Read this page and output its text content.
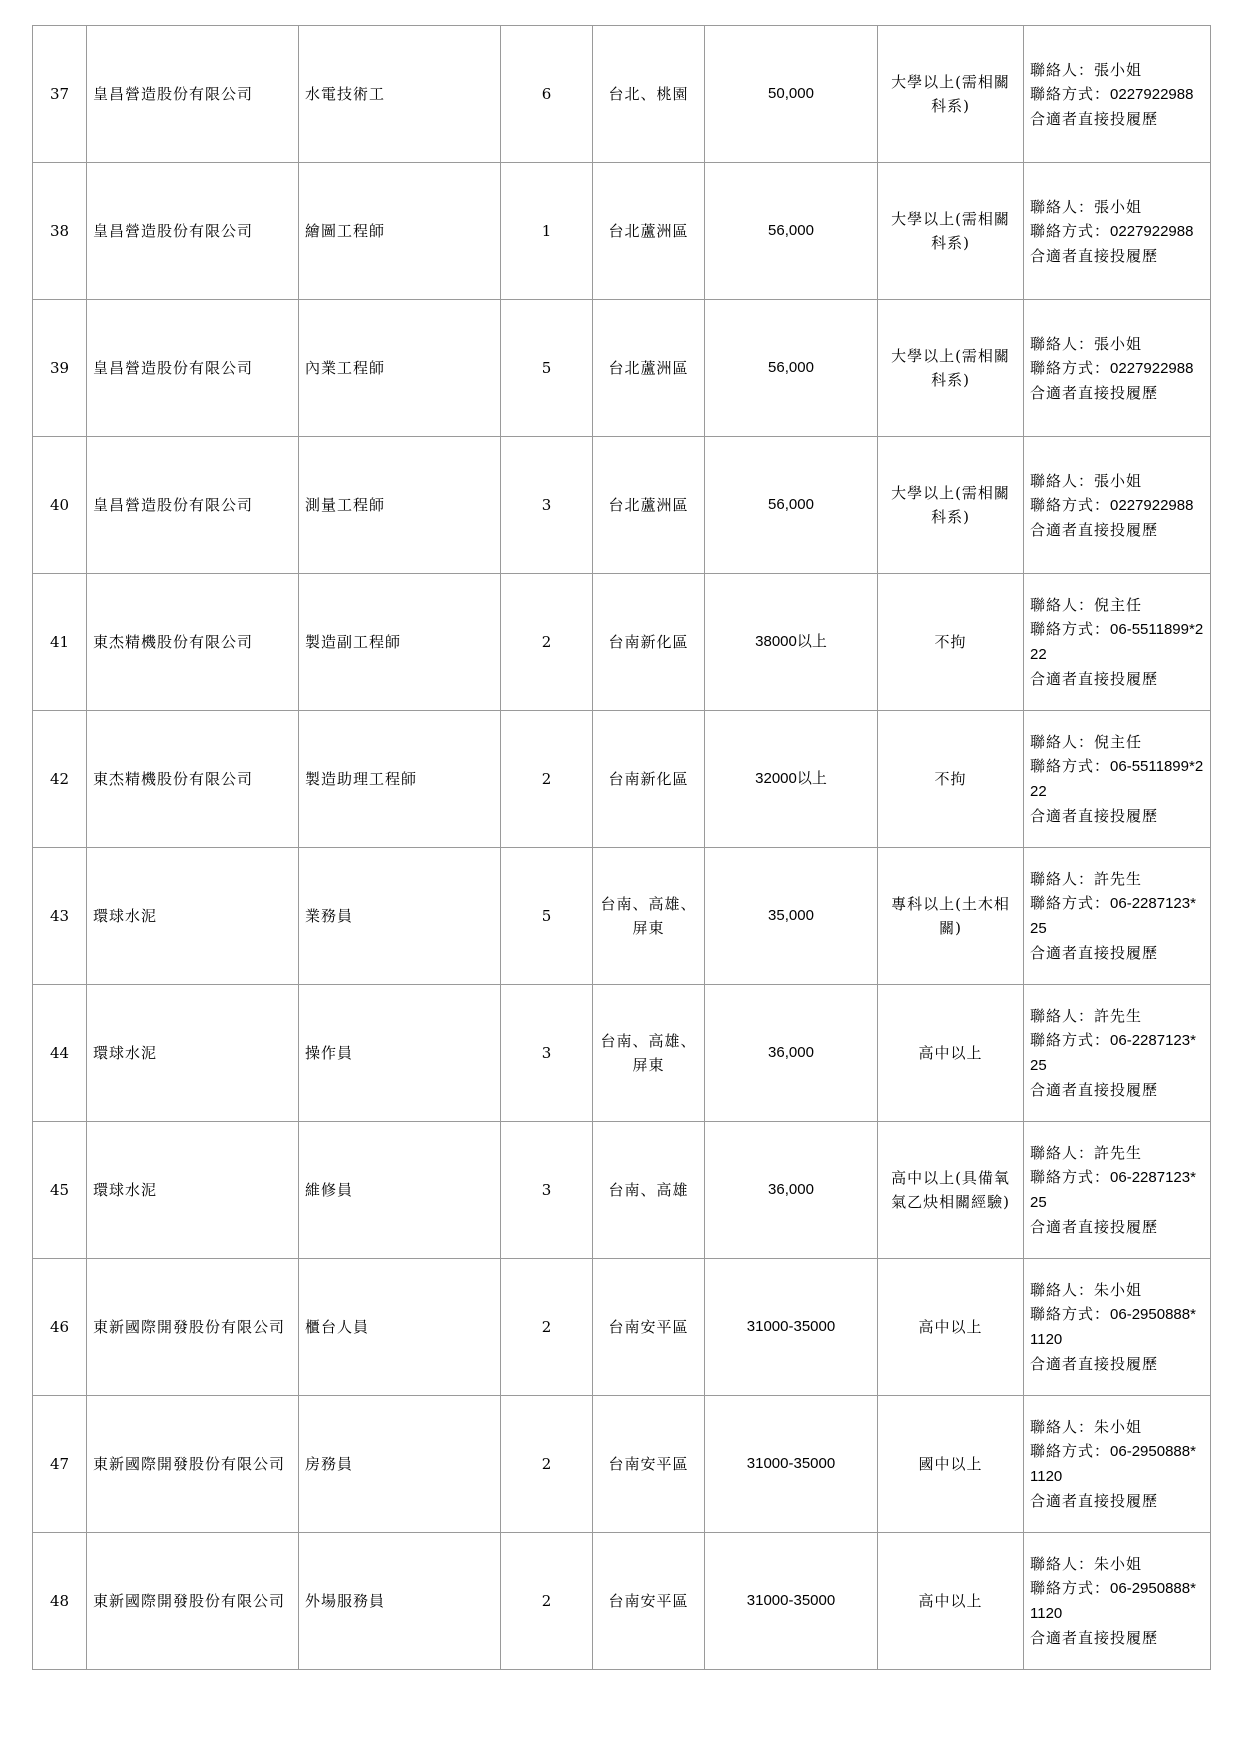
37	皇昌營造股份有限公司	水電技術工	6	台北、桃園	50,000	大學以上(需相關科系)	聯絡人：張小姐
聯絡方式：0227922988
合適者直接投履歷

38	皇昌營造股份有限公司	繪圖工程師	1	台北蘆洲區	56,000	大學以上(需相關科系)	聯絡人：張小姐
聯絡方式：0227922988
合適者直接投履歷

39	皇昌營造股份有限公司	內業工程師	5	台北蘆洲區	56,000	大學以上(需相關科系)	聯絡人：張小姐
聯絡方式：0227922988
合適者直接投履歷

40	皇昌營造股份有限公司	測量工程師	3	台北蘆洲區	56,000	大學以上(需相關科系)	聯絡人：張小姐
聯絡方式：0227922988
合適者直接投履歷

41	東杰精機股份有限公司	製造副工程師	2	台南新化區	38000以上	不拘	聯絡人：倪主任
聯絡方式：06-5511899*222
合適者直接投履歷

42	東杰精機股份有限公司	製造助理工程師	2	台南新化區	32000以上	不拘	聯絡人：倪主任
聯絡方式：06-5511899*222
合適者直接投履歷

43	環球水泥	業務員	5	台南、高雄、屏東	35,000	專科以上(土木相關)	聯絡人：許先生
聯絡方式：06-2287123*25
合適者直接投履歷

44	環球水泥	操作員	3	台南、高雄、屏東	36,000	高中以上	聯絡人：許先生
聯絡方式：06-2287123*25
合適者直接投履歷

45	環球水泥	維修員	3	台南、高雄	36,000	高中以上(具備氧氣乙炔相關經驗)	聯絡人：許先生
聯絡方式：06-2287123*25
合適者直接投履歷

46	東新國際開發股份有限公司	櫃台人員	2	台南安平區	31000-35000	高中以上	聯絡人：朱小姐
聯絡方式：06-2950888*1120
合適者直接投履歷

47	東新國際開發股份有限公司	房務員	2	台南安平區	31000-35000	國中以上	聯絡人：朱小姐
聯絡方式：06-2950888*1120
合適者直接投履歷

48	東新國際開發股份有限公司	外場服務員	2	台南安平區	31000-35000	高中以上	聯絡人：朱小姐
聯絡方式：06-2950888*1120
合適者直接投履歷
